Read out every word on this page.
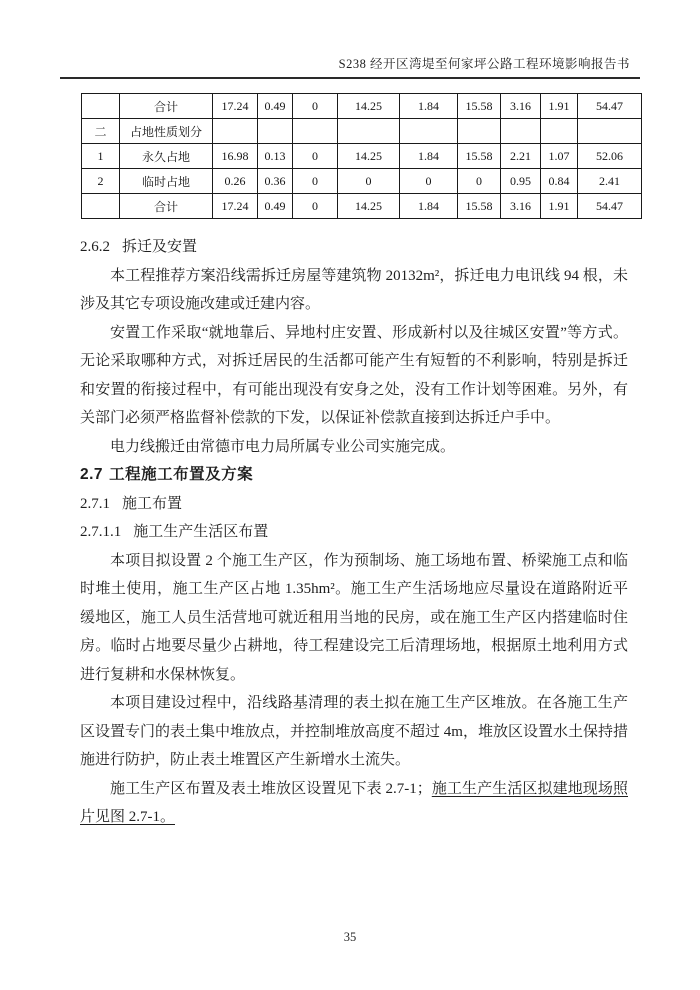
S238 经开区湾堤至何家坪公路工程环境影响报告书
	合计	17.24	0.49	0	14.25	1.84	15.58	3.16	1.91	54.47
二	占地性质划分									
1	永久占地	16.98	0.13	0	14.25	1.84	15.58	2.21	1.07	52.06
2	临时占地	0.26	0.36	0	0	0	0	0.95	0.84	2.41
	合计	17.24	0.49	0	14.25	1.84	15.58	3.16	1.91	54.47
2.6.2 拆迁及安置

本工程推荐方案沿线需拆迁房屋等建筑物 20132m²，拆迁电力电讯线 94 根，未涉及其它专项设施改建或迁建内容。

安置工作采取“就地靠后、异地村庄安置、形成新村以及往城区安置”等方式。无论采取哪种方式，对拆迁居民的生活都可能产生有短暂的不利影响，特别是拆迁和安置的衔接过程中，有可能出现没有安身之处，没有工作计划等困难。另外，有关部门必须严格监督补偿款的下发，以保证补偿款直接到达拆迁户手中。

电力线搬迁由常德市电力局所属专业公司实施完成。

2.7 工程施工布置及方案
2.7.1 施工布置
2.7.1.1 施工生产生活区布置

本项目拟设置 2 个施工生产区，作为预制场、施工场地布置、桥梁施工点和临时堆土使用，施工生产区占地 1.35hm²。施工生产生活场地应尽量设在道路附近平缓地区，施工人员生活营地可就近租用当地的民房，或在施工生产区内搭建临时住房。临时占地要尽量少占耕地，待工程建设完工后清理场地，根据原土地利用方式进行复耕和水保林恢复。

本项目建设过程中，沿线路基清理的表土拟在施工生产区堆放。在各施工生产区设置专门的表土集中堆放点，并控制堆放高度不超过 4m，堆放区设置水土保持措施进行防护，防止表土堆置区产生新增水土流失。

施工生产区布置及表土堆放区设置见下表 2.7-1；施工生产生活区拟建地现场照片见图 2.7-1。

35
